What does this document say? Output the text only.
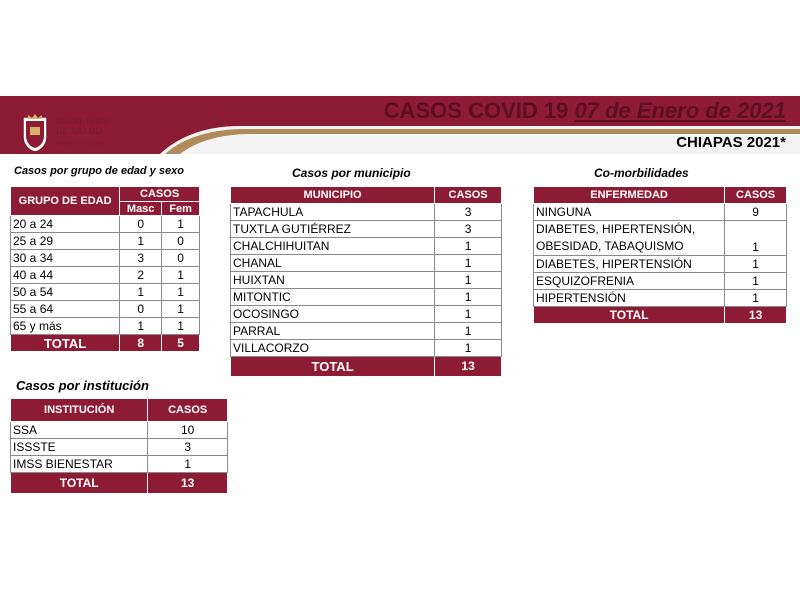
SECRETARÍA
DE SALUD
GOBIERNO DE CHIAPAS
CASOS COVID 19 07 de Enero de 2021
CHIAPAS 2021*
Casos por grupo de edad y sexo
GRUPO DE EDAD	CASOS	
	Masc	Fem
20 a 24	0	1
25 a 29	1	0
30 a 34	3	0
40 a 44	2	1
50 a 54	1	1
55 a 64	0	1
65 y más	1	1
TOTAL	8	5
Casos por municipio
MUNICIPIO	CASOS
TAPACHULA	3
TUXTLA GUTIÉRREZ	3
CHALCHIHUITAN	1
CHANAL	1
HUIXTAN	1
MITONTIC	1
OCOSINGO	1
PARRAL	1
VILLACORZO	1
TOTAL	13
Co-morbilidades
ENFERMEDAD	CASOS
NINGUNA	9
DIABETES, HIPERTENSIÓN, OBESIDAD, TABAQUISMO	1
DIABETES, HIPERTENSIÓN	1
ESQUIZOFRENIA	1
HIPERTENSIÓN	1
TOTAL	13
Casos por institución
INSTITUCIÓN	CASOS
SSA	10
ISSSTE	3
IMSS BIENESTAR	1
TOTAL	13
